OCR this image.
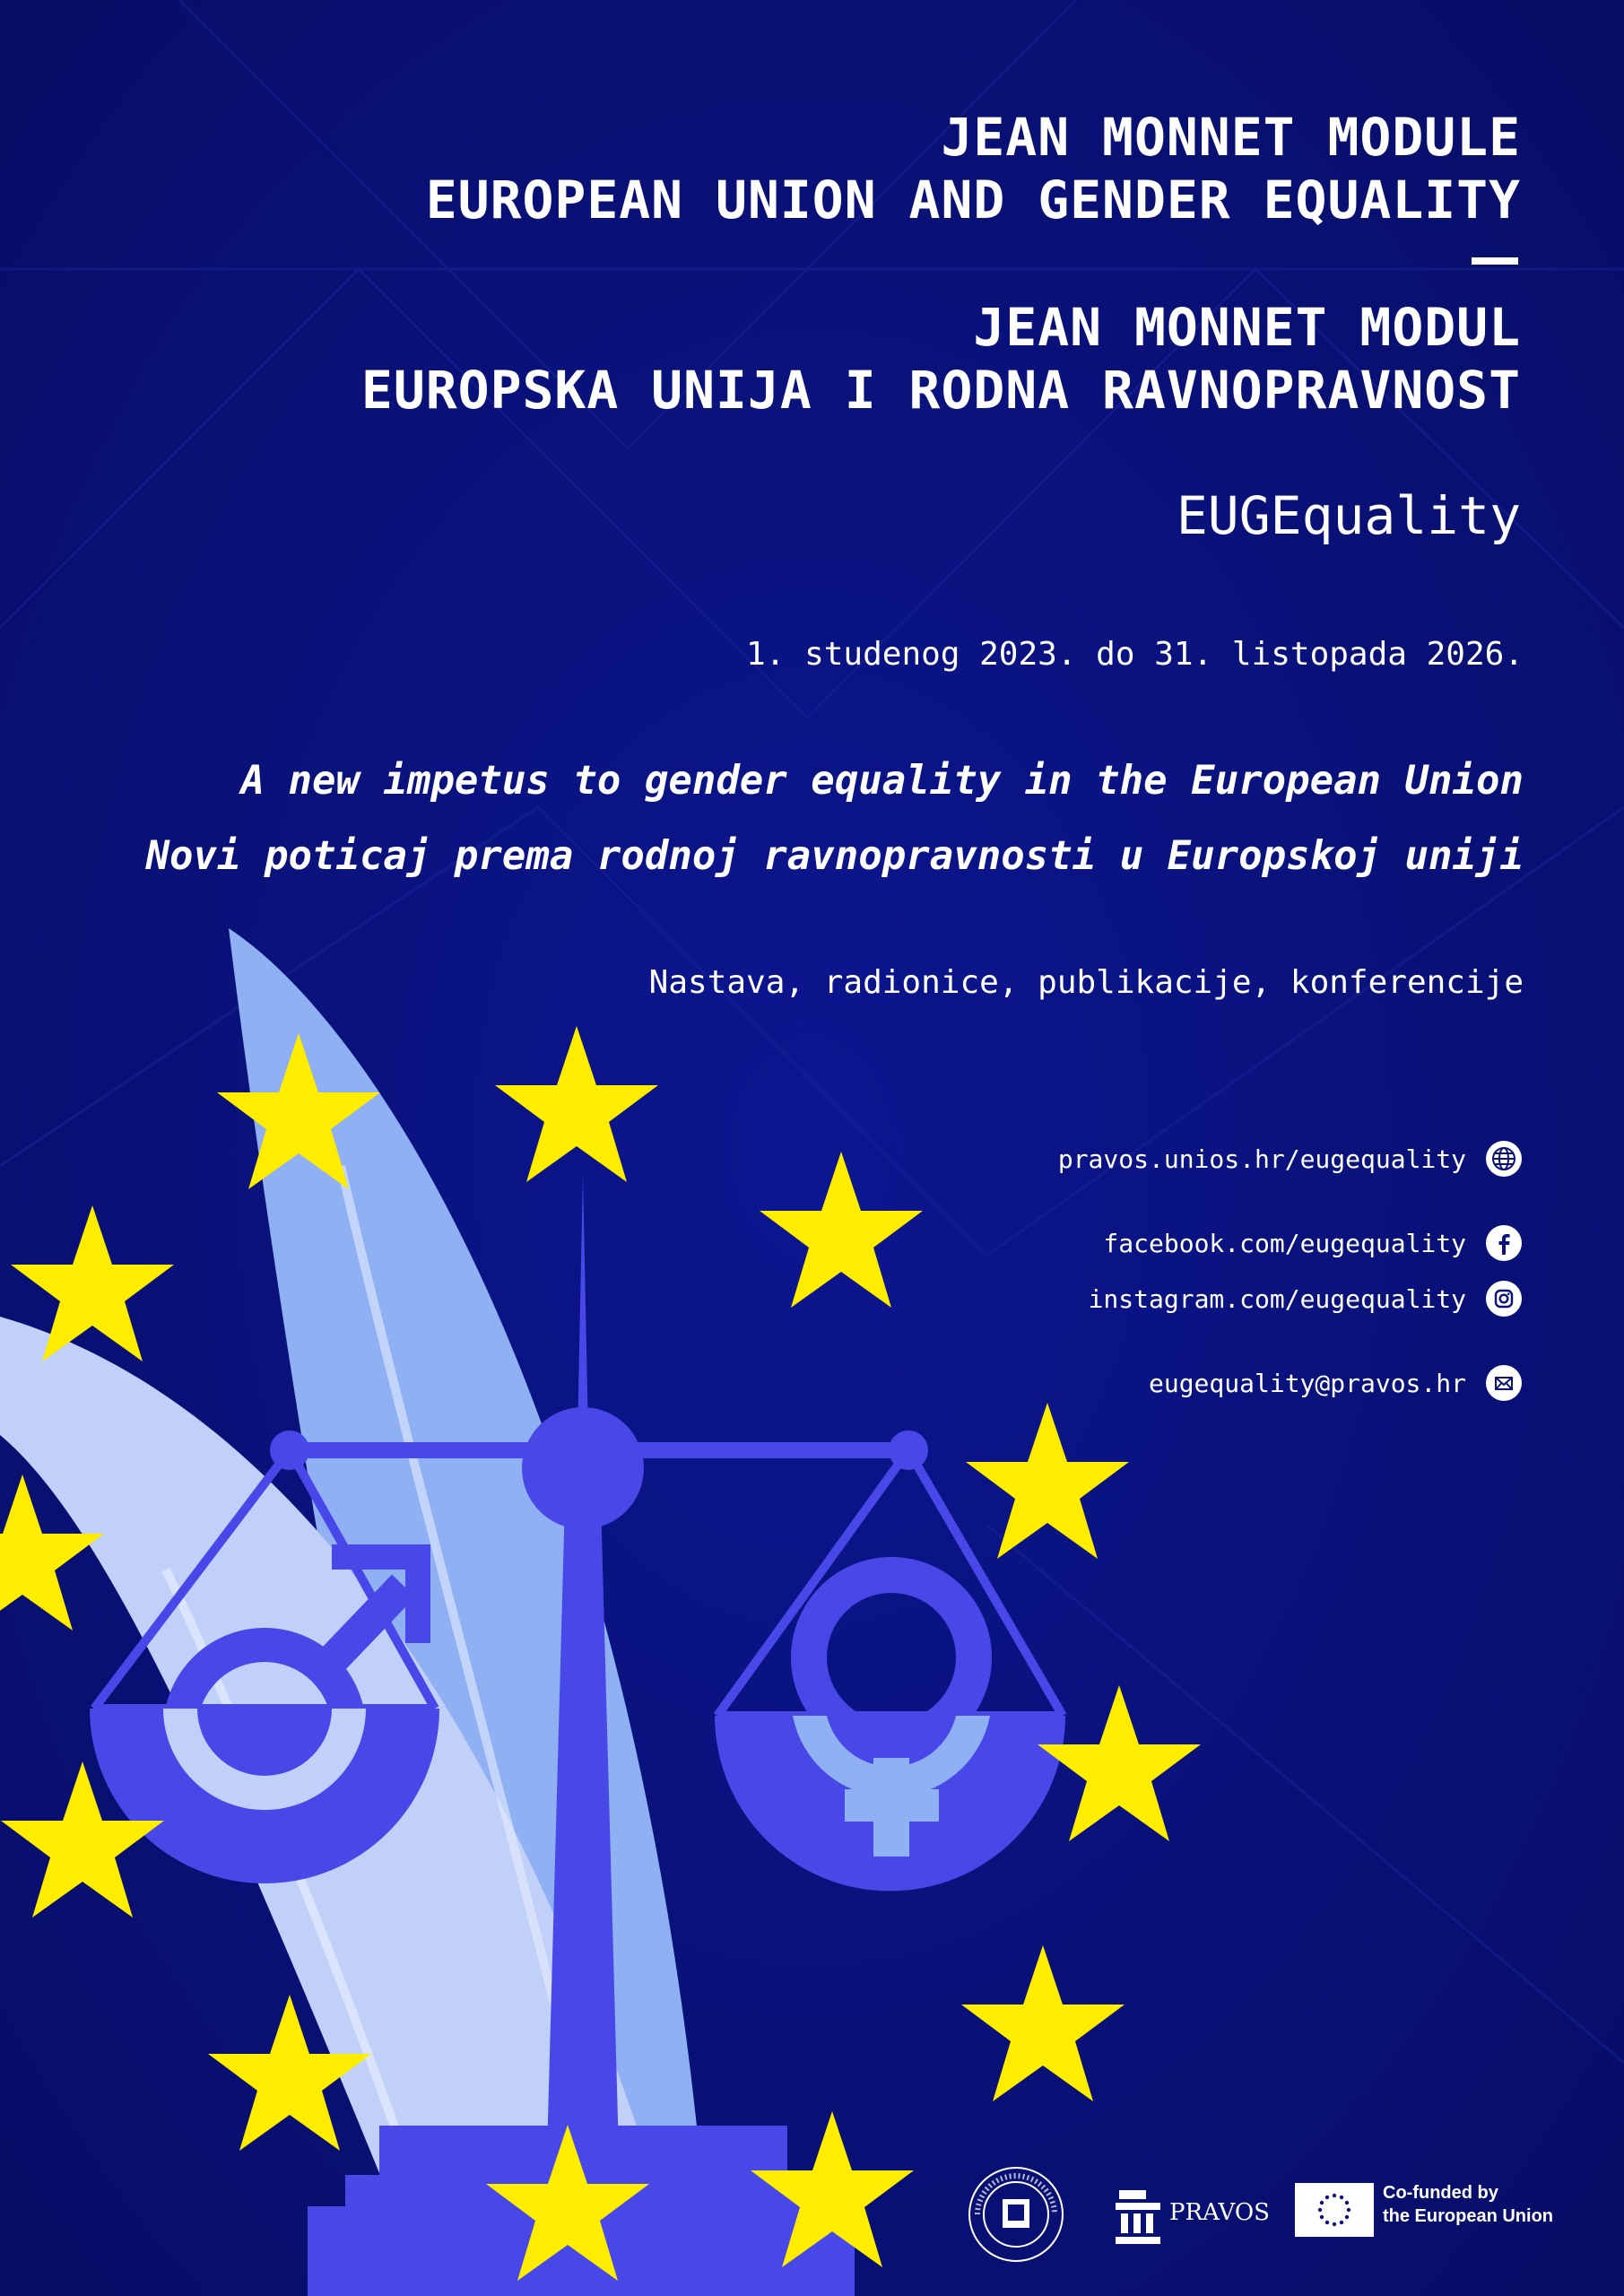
JEAN MONNET MODULE
EUROPEAN UNION AND GENDER EQUALITY
JEAN MONNET MODUL
EUROPSKA UNIJA I RODNA RAVNOPRAVNOST
EUGEquality
1. studenog 2023. do 31. listopada 2026.
A new impetus to gender equality in the European Union
Novi poticaj prema rodnoj ravnopravnosti u Europskoj uniji
Nastava, radionice, publikacije, konferencije
pravos.unios.hr/eugequality
facebook.com/eugequality
instagram.com/eugequality
eugequality@pravos.hr
PRAVOS
Co-funded by
the European Union
